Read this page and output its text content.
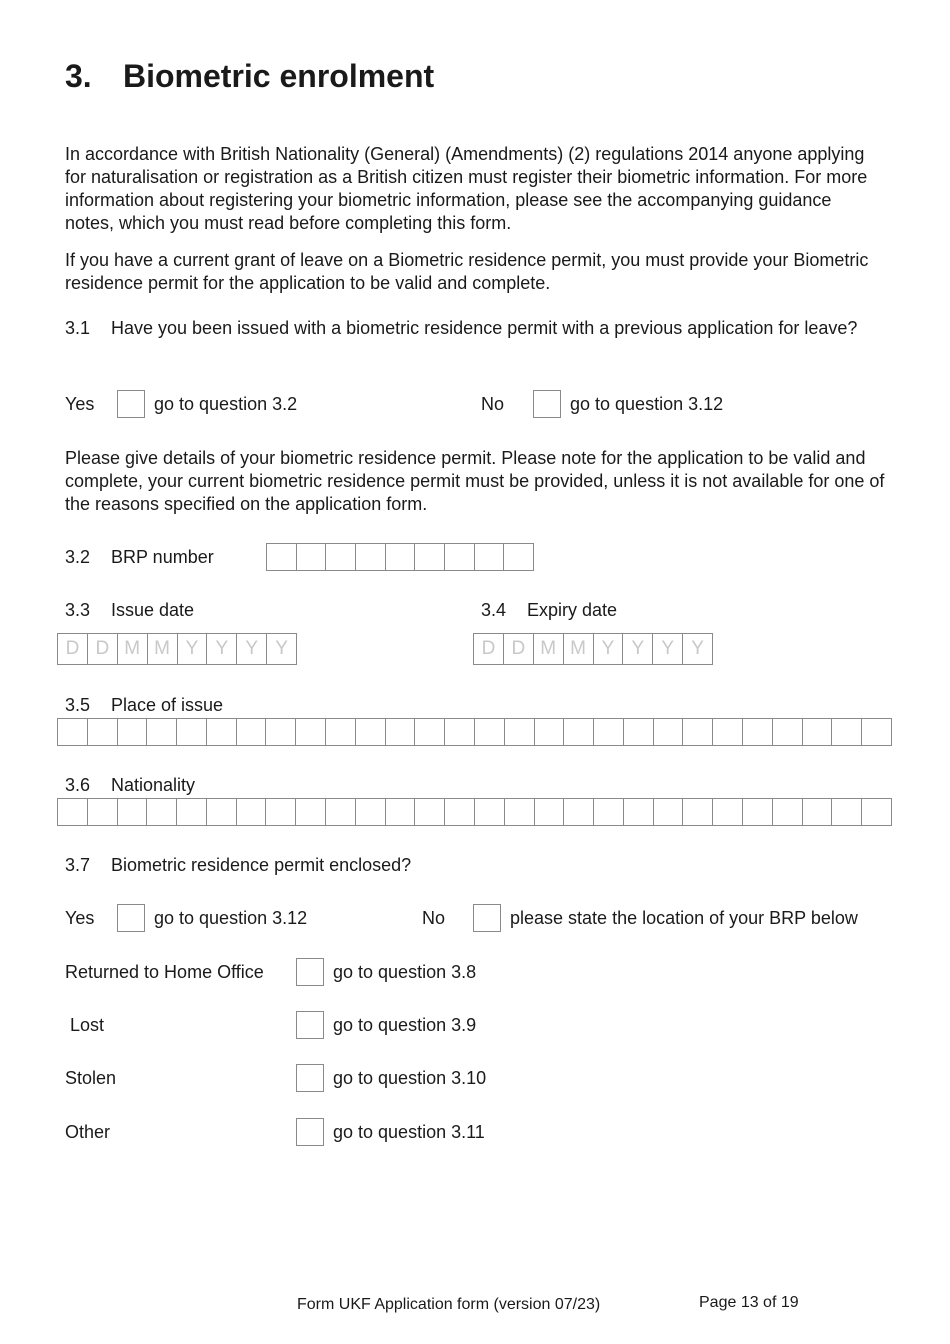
3. Biometric enrolment

In accordance with British Nationality (General) (Amendments) (2) regulations 2014 anyone applying for naturalisation or registration as a British citizen must register their biometric information. For more information about registering your biometric information, please see the accompanying guidance notes, which you must read before completing this form.

If you have a current grant of leave on a Biometric residence permit, you must provide your Biometric residence permit for the application to be valid and complete.

3.1 Have you been issued with a biometric residence permit with a previous application for leave?

Yes	go to question 3.2	No	go to question 3.12

Please give details of your biometric residence permit. Please note for the application to be valid and complete, your current biometric residence permit must be provided, unless it is not available for one of the reasons specified on the application form.

3.2 BRP number
3.3 Issue date	3.4 Expiry date
D D M M Y Y Y Y	D D M M Y Y Y Y
3.5 Place of issue
3.6 Nationality
3.7 Biometric residence permit enclosed?
Yes	go to question 3.12	No	please state the location of your BRP below
Returned to Home Office	go to question 3.8
Lost	go to question 3.9
Stolen	go to question 3.10
Other	go to question 3.11
Form UKF Application form (version 07/23)	Page 13 of 19
